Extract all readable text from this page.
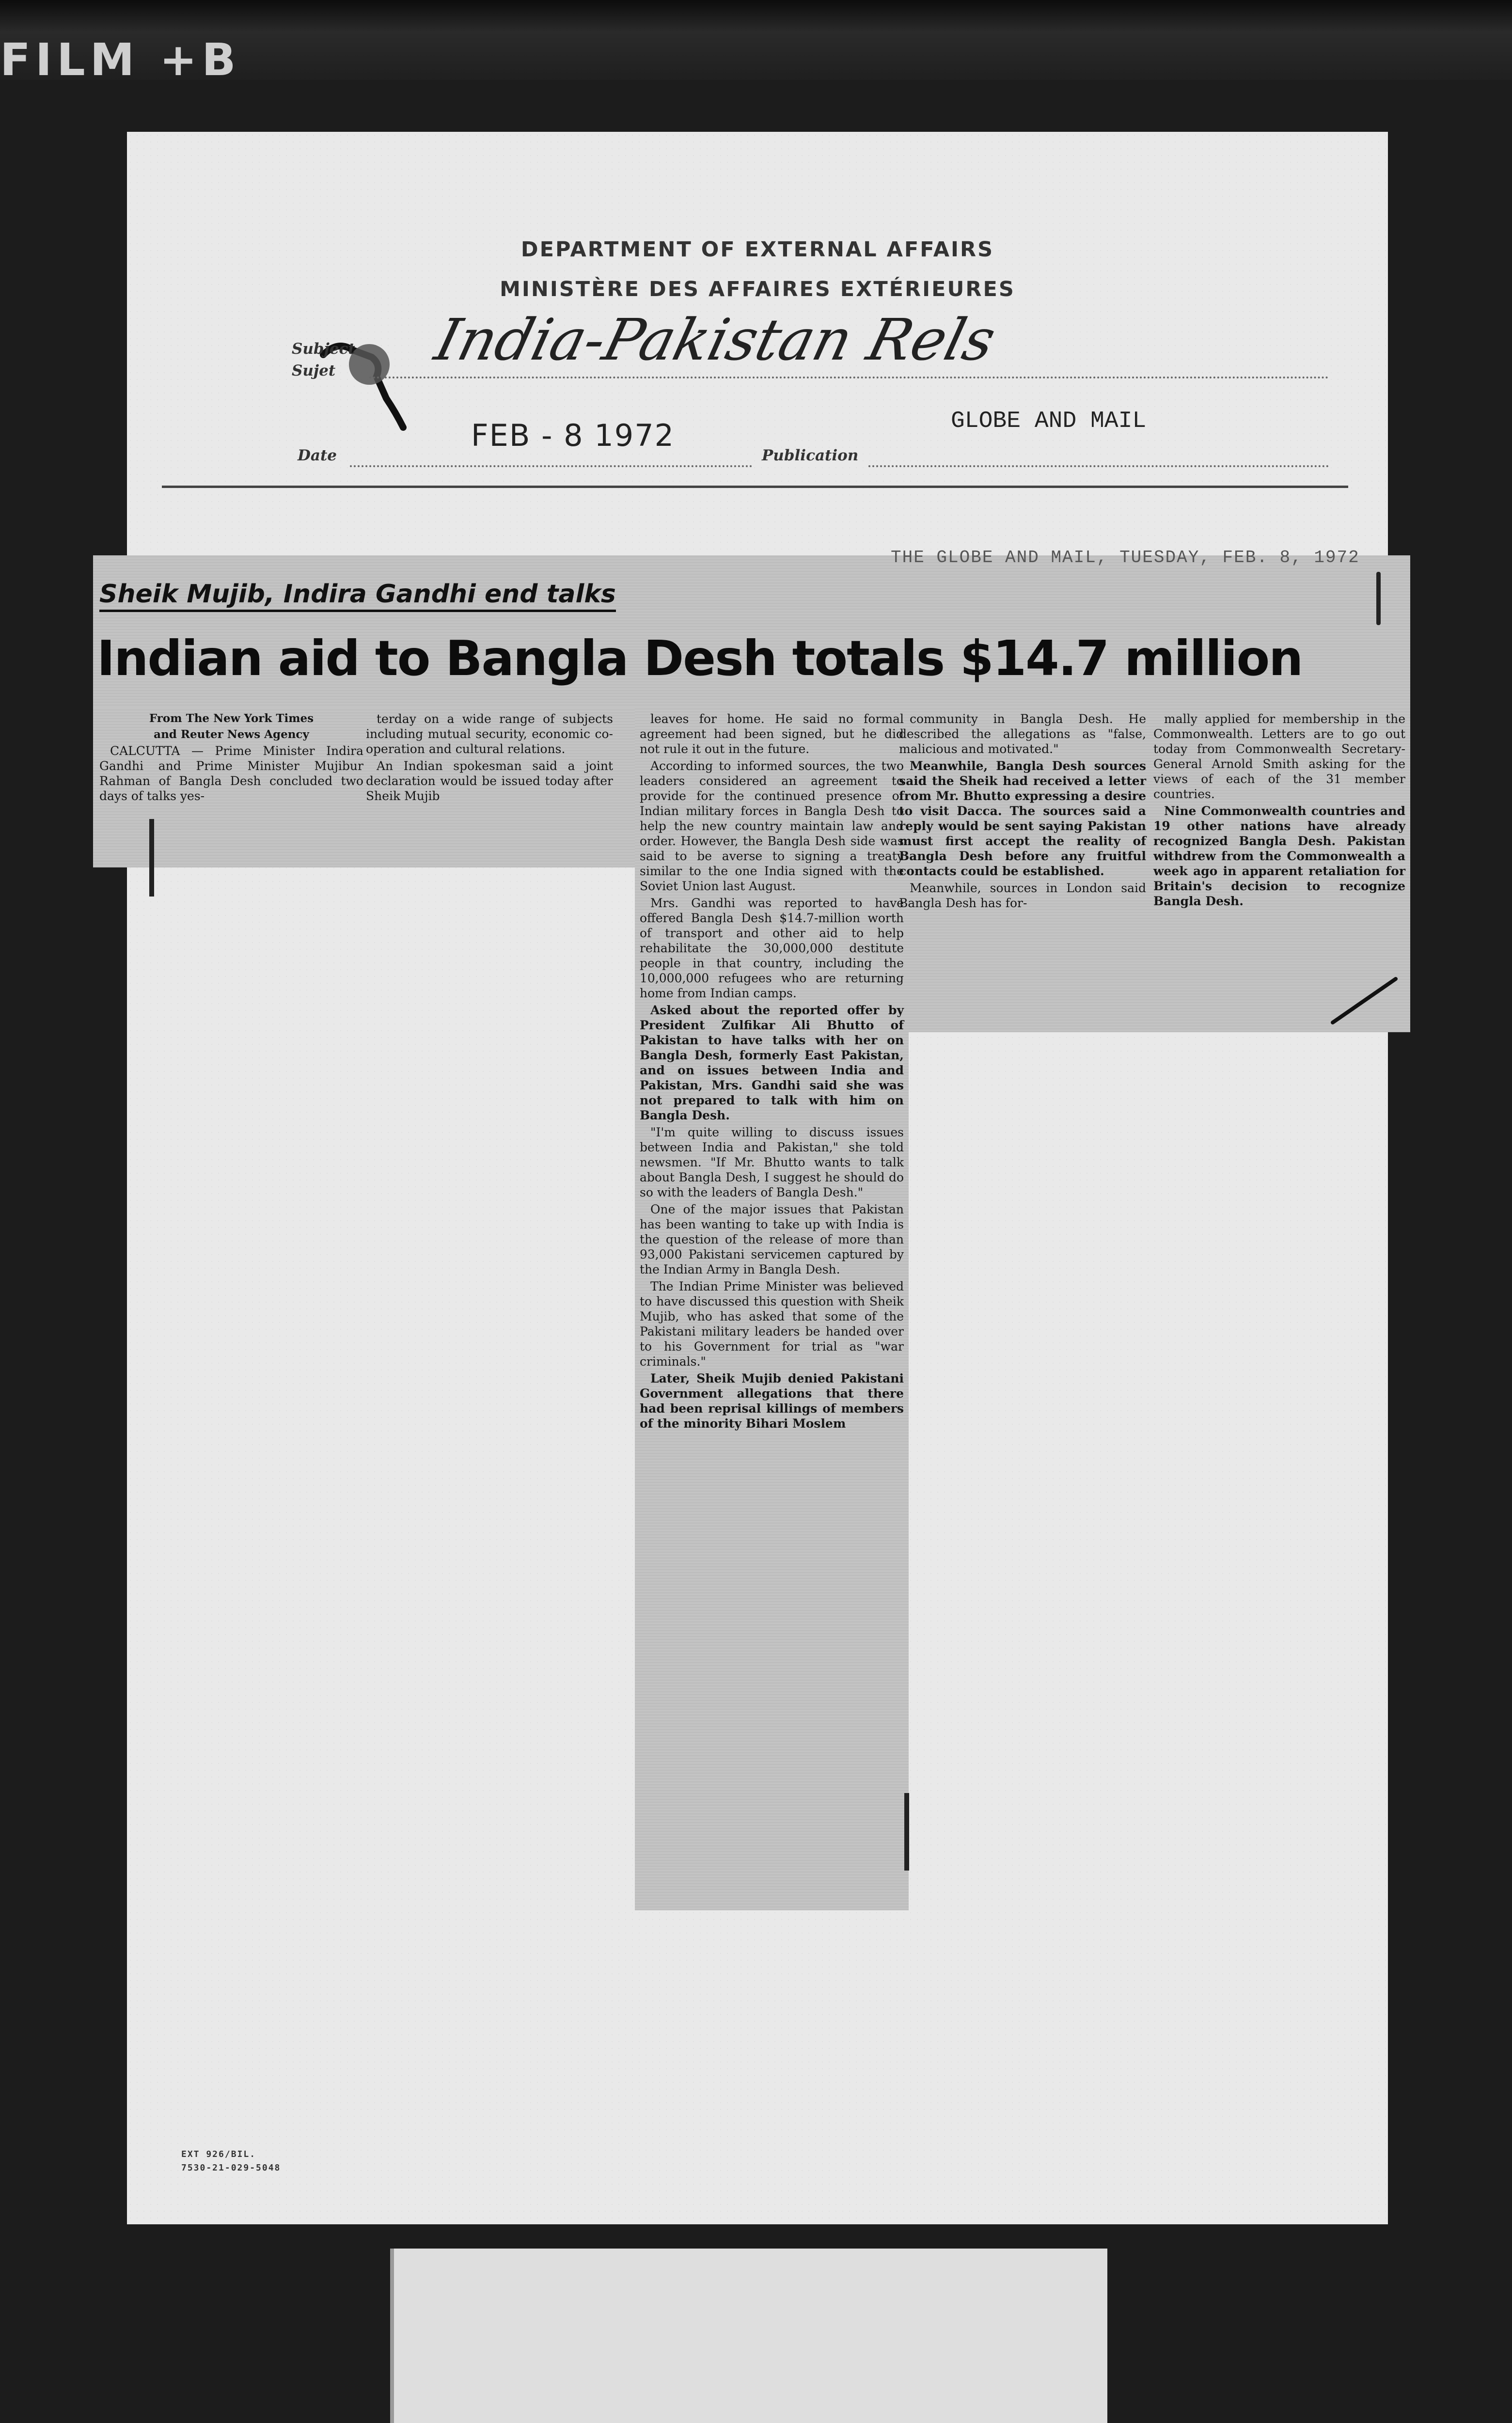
FILM +B
DEPARTMENT OF EXTERNAL AFFAIRS
MINISTÈRE DES AFFAIRES EXTÉRIEURES
Subject
Sujet India-Pakistan Rels
Date
FEB - 8 1972
Publication
GLOBE AND MAIL
EXT 926/BIL.
7530-21-029-5048
THE GLOBE AND MAIL, TUESDAY, FEB. 8, 1972
Sheik Mujib, Indira Gandhi end talks
Indian aid to Bangla Desh totals $14.7 million

From The New York Times

and Reuter News Agency

CALCUTTA — Prime Minister Indira Gandhi and Prime Minister Mujibur Rahman of Bangla Desh concluded two days of talks yes-

terday on a wide range of subjects including mutual security, economic co-operation and cultural relations.

An Indian spokesman said a joint declaration would be issued today after Sheik Mujib

leaves for home. He said no formal agreement had been signed, but he did not rule it out in the future.

According to informed sources, the two leaders considered an agreement to provide for the continued presence of Indian military forces in Bangla Desh to help the new country maintain law and order. However, the Bangla Desh side was said to be averse to signing a treaty similar to the one India signed with the Soviet Union last August.

Mrs. Gandhi was reported to have offered Bangla Desh $14.7-million worth of transport and other aid to help rehabilitate the 30,000,000 destitute people in that country, including the 10,000,000 refugees who are returning home from Indian camps.

Asked about the reported offer by President Zulfikar Ali Bhutto of Pakistan to have talks with her on Bangla Desh, formerly East Pakistan, and on issues between India and Pakistan, Mrs. Gandhi said she was not prepared to talk with him on Bangla Desh.

"I'm quite willing to discuss issues between India and Pakistan," she told newsmen. "If Mr. Bhutto wants to talk about Bangla Desh, I suggest he should do so with the leaders of Bangla Desh."

One of the major issues that Pakistan has been wanting to take up with India is the question of the release of more than 93,000 Pakistani servicemen captured by the Indian Army in Bangla Desh.

The Indian Prime Minister was believed to have discussed this question with Sheik Mujib, who has asked that some of the Pakistani military leaders be handed over to his Government for trial as "war criminals."

Later, Sheik Mujib denied Pakistani Government allegations that there had been reprisal killings of members of the minority Bihari Moslem

community in Bangla Desh. He described the allegations as "false, malicious and motivated."

Meanwhile, Bangla Desh sources said the Sheik had received a letter from Mr. Bhutto expressing a desire to visit Dacca. The sources said a reply would be sent saying Pakistan must first accept the reality of Bangla Desh before any fruitful contacts could be established.

Meanwhile, sources in London said Bangla Desh has for-

mally applied for membership in the Commonwealth. Letters are to go out today from Commonwealth Secretary-General Arnold Smith asking for the views of each of the 31 member countries.

Nine Commonwealth countries and 19 other nations have already recognized Bangla Desh. Pakistan withdrew from the Commonwealth a week ago in apparent retaliation for Britain's decision to recognize Bangla Desh.
